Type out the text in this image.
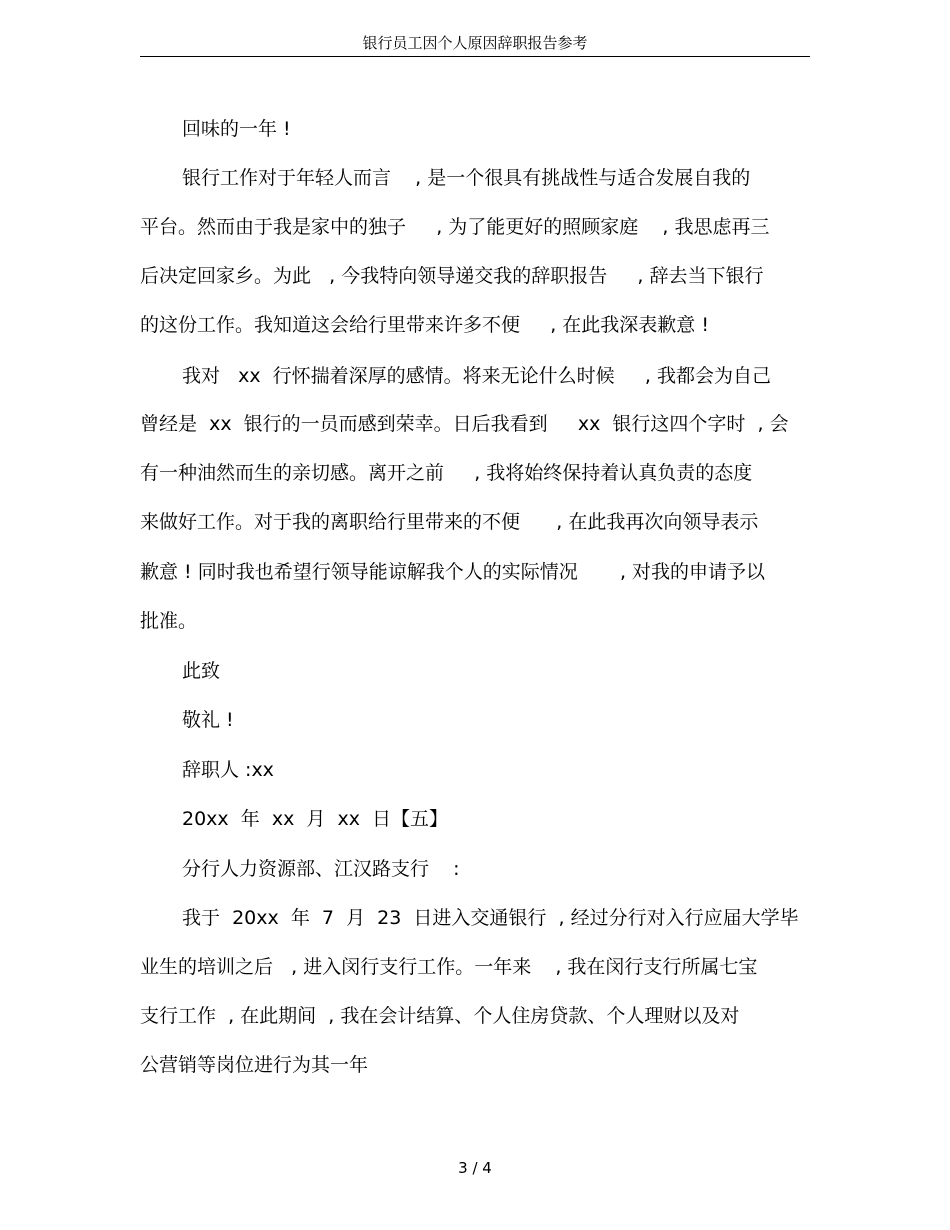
银行员工因个人原因辞职报告参考
回味的一年 !
银行工作对于年轻人而言    , 是一个很具有挑战性与适合发展自我的
平台。然而由于我是家中的独子     , 为了能更好的照顾家庭    , 我思虑再三
后决定回家乡。为此   , 今我特向领导递交我的辞职报告     , 辞去当下银行
的这份工作。我知道这会给行里带来许多不便     , 在此我深表歉意 !
我对   xx  行怀揣着深厚的感情。将来无论什么时候     , 我都会为自己
曾经是  xx  银行的一员而感到荣幸。日后我看到     xx  银行这四个字时  , 会
有一种油然而生的亲切感。离开之前     , 我将始终保持着认真负责的态度
来做好工作。对于我的离职给行里带来的不便      , 在此我再次向领导表示
歉意 ! 同时我也希望行领导能谅解我个人的实际情况       , 对我的申请予以
批准。
此致
敬礼 !
辞职人 :xx
20xx  年  xx  月  xx  日【五】
分行人力资源部、江汉路支行    :
我于  20xx  年  7  月  23  日进入交通银行  , 经过分行对入行应届大学毕
业生的培训之后   , 进入闵行支行工作。一年来    , 我在闵行支行所属七宝
支行工作  , 在此期间  , 我在会计结算、个人住房贷款、个人理财以及对
公营销等岗位进行为其一年
3 / 4
